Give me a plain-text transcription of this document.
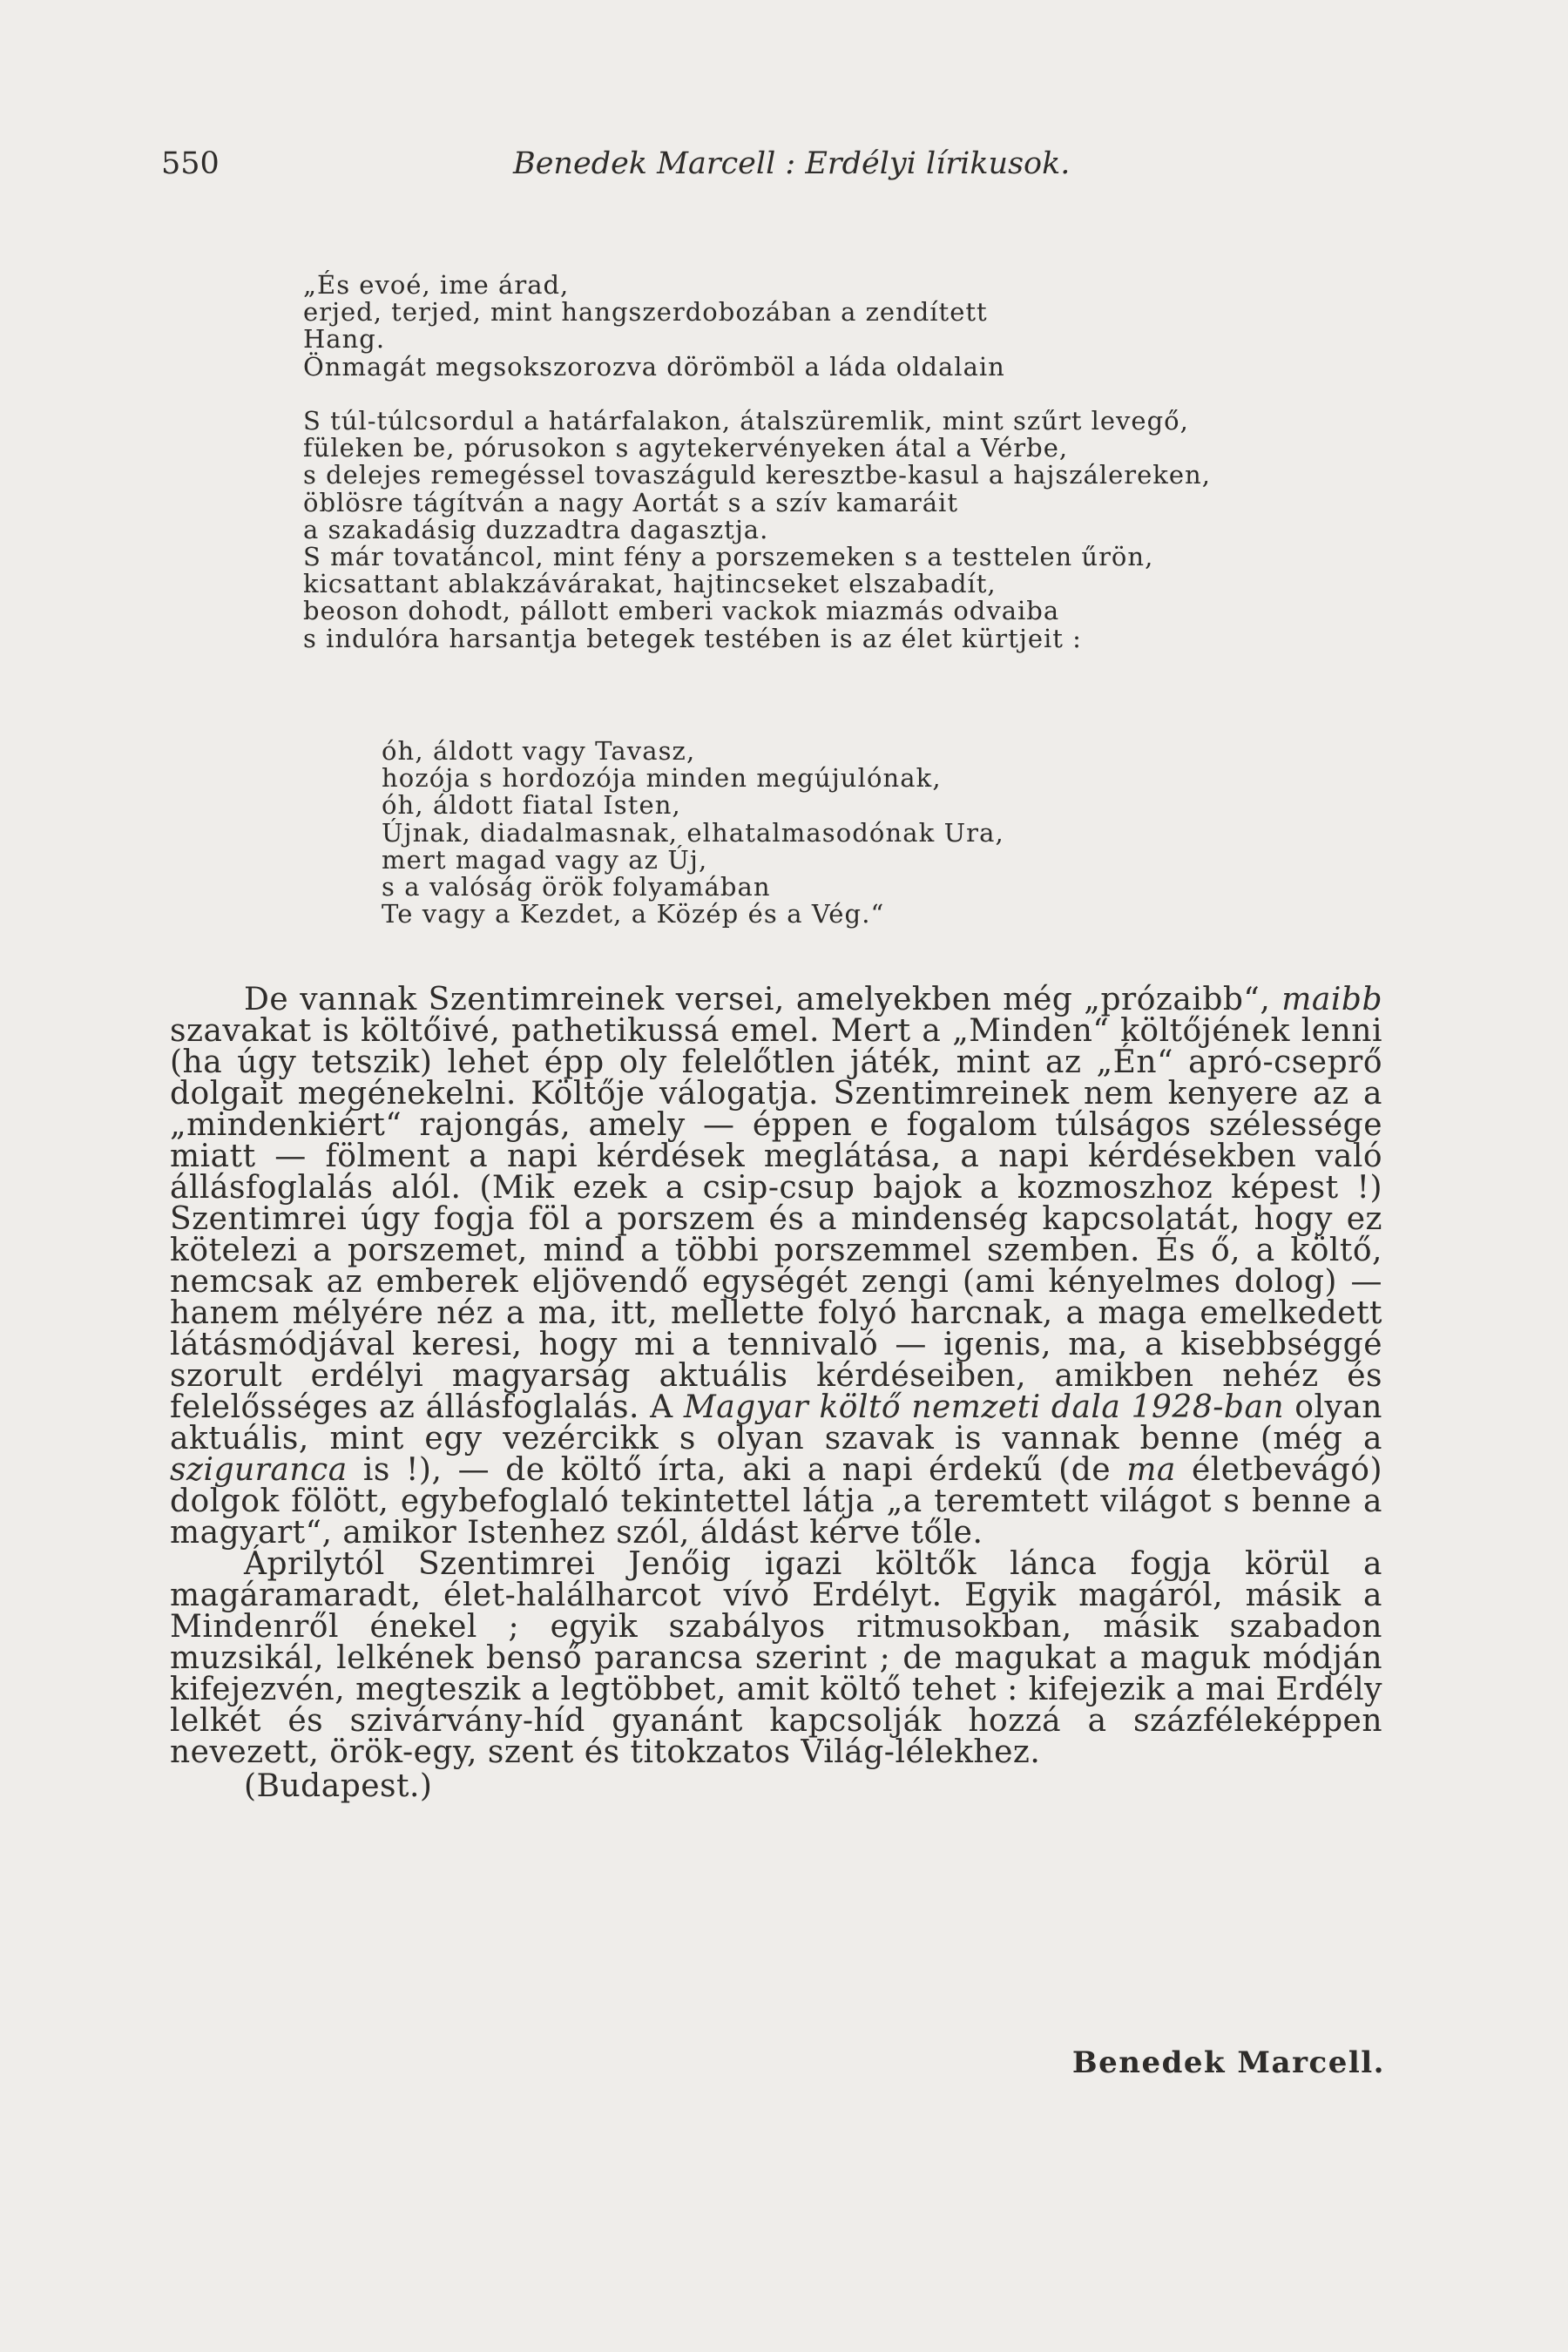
550	Benedek Marcell : Erdélyi lírikusok.
„És evoé, ime árad,
erjed, terjed, mint hangszerdobozában a zendített
Hang.
Önmagát megsokszorozva dörömböl a láda oldalain
S túl-túlcsordul a határfalakon, átalszüremlik, mint szűrt levegő,
füleken be, pórusokon s agytekervényeken átal a Vérbe,
s delejes remegéssel tovaszáguld keresztbe-kasul a hajszálereken,
öblösre tágítván a nagy Aortát s a szív kamaráit
a szakadásig duzzadtra dagasztja.
S már tovatáncol, mint fény a porszemeken s a testtelen űrön,
kicsattant ablakzávárakat, hajtincseket elszabadít,
beoson dohodt, pállott emberi vackok miazmás odvaiba
s indulóra harsantja betegek testében is az élet kürtjeit :
óh, áldott vagy Tavasz,
hozója s hordozója minden megújulónak,
óh, áldott fiatal Isten,
Újnak, diadalmasnak, elhatalmasodónak Ura,
mert magad vagy az Új,
s a valóság örök folyamában
Te vagy a Kezdet, a Közép és a Vég.“

De vannak Szentimreinek versei, amelyekben még „prózaibb“, maibb szavakat is költőivé, pathetikussá emel. Mert a „Minden“ költőjének lenni (ha úgy tetszik) lehet épp oly felelőtlen játék, mint az „Én“ apró-cseprő dolgait megénekelni. Költője válogatja. Szentimreinek nem kenyere az a „mindenkiért“ rajongás, amely — éppen e fogalom túlságos szélessége miatt — fölment a napi kérdések meglátása, a napi kérdésekben való állásfoglalás alól. (Mik ezek a csip-csup bajok a kozmoszhoz képest !) Szentimrei úgy fogja föl a porszem és a mindenség kapcsolatát, hogy ez kötelezi a porszemet, mind a többi porszemmel szemben. És ő, a költő, nemcsak az emberek eljövendő egységét zengi (ami kényelmes dolog) — hanem mélyére néz a ma, itt, mellette folyó harcnak, a maga emelkedett látásmódjával keresi, hogy mi a tennivaló — igenis, ma, a kisebbséggé szorult erdélyi magyarság aktuális kérdéseiben, amikben nehéz és felelősséges az állásfoglalás. A Magyar költő nemzeti dala 1928-ban olyan aktuális, mint egy vezércikk s olyan szavak is vannak benne (még a sziguranca is !), — de költő írta, aki a napi érdekű (de ma életbevágó) dolgok fölött, egybefoglaló tekintettel látja „a teremtett világot s benne a magyart“, amikor Istenhez szól, áldást kérve tőle.

Áprilytól Szentimrei Jenőig igazi költők lánca fogja körül a magáramaradt, élet-halálharcot vívó Erdélyt. Egyik magáról, másik a Mindenről énekel ; egyik szabályos ritmusokban, másik szabadon muzsikál, lelkének benső parancsa szerint ; de magukat a maguk módján kifejezvén, megteszik a legtöbbet, amit költő tehet : kifejezik a mai Erdély lelkét és szivárvány-híd gyanánt kapcsolják hozzá a százféleképpen nevezett, örök-egy, szent és titokzatos Világ-lélekhez.

(Budapest.)

Benedek Marcell.
